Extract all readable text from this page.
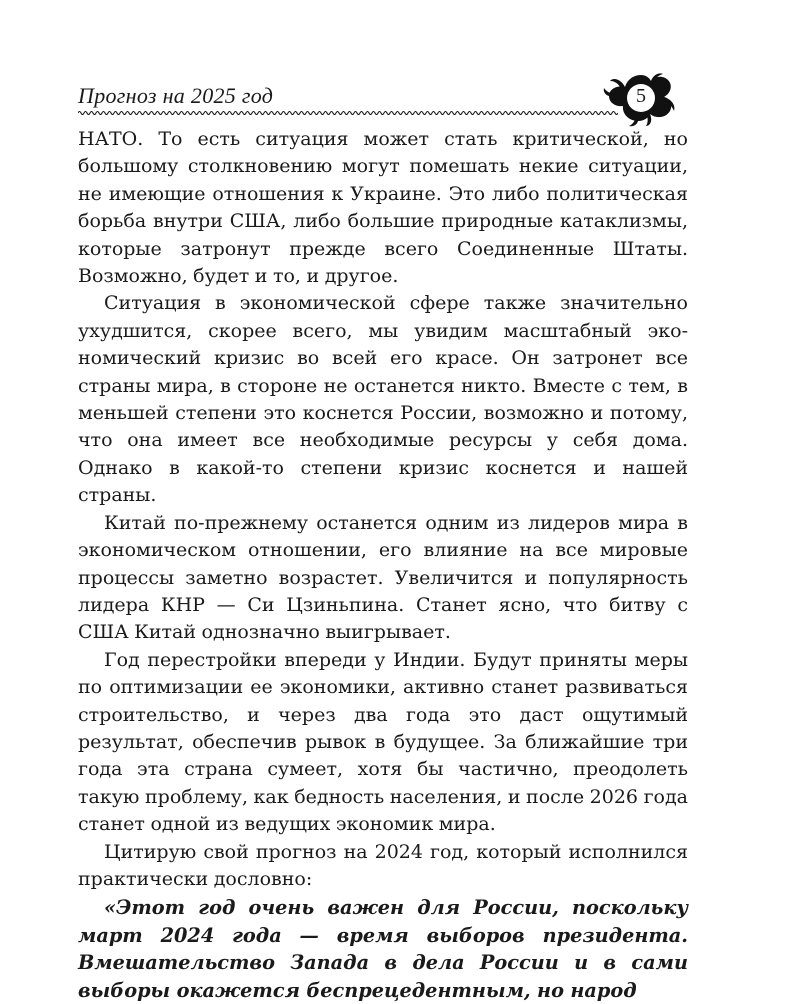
Прогноз на 2025 год	5

НАТО. То есть ситуация может стать критической, но большому столкновению могут помешать некие ситуации, не имеющие отношения к Украине. Это либо политическая борьба внутри США, либо большие природные катаклизмы, которые затронут прежде всего Соединенные Штаты. Возможно, будет и то, и другое.

Ситуация в экономической сфере также значительно ухудшится, скорее всего, мы увидим масштабный экономический кризис во всей его красе. Он затронет все страны мира, в стороне не останется никто. Вместе с тем, в меньшей степени это коснется России, возможно и потому, что она имеет все необходимые ресурсы у себя дома. Однако в какой-то степени кризис коснется и нашей страны.

Китай по-прежнему останется одним из лидеров мира в экономическом отношении, его влияние на все мировые процессы заметно возрастет. Увеличится и популярность лидера КНР — Си Цзиньпина. Станет ясно, что битву с США Китай однозначно выигрывает.

Год перестройки впереди у Индии. Будут приняты меры по оптимизации ее экономики, активно станет развиваться строительство, и через два года это даст ощутимый результат, обеспечив рывок в будущее. За ближайшие три года эта страна сумеет, хотя бы частично, преодолеть такую проблему, как бедность населения, и после 2026 года станет одной из ведущих экономик мира.

Цитирую свой прогноз на 2024 год, который исполнился практически дословно:

«Этот год очень важен для России, поскольку март 2024 года — время выборов президента. Вмешательство Запада в дела России и в сами выборы окажется беспрецедентным, но народ
